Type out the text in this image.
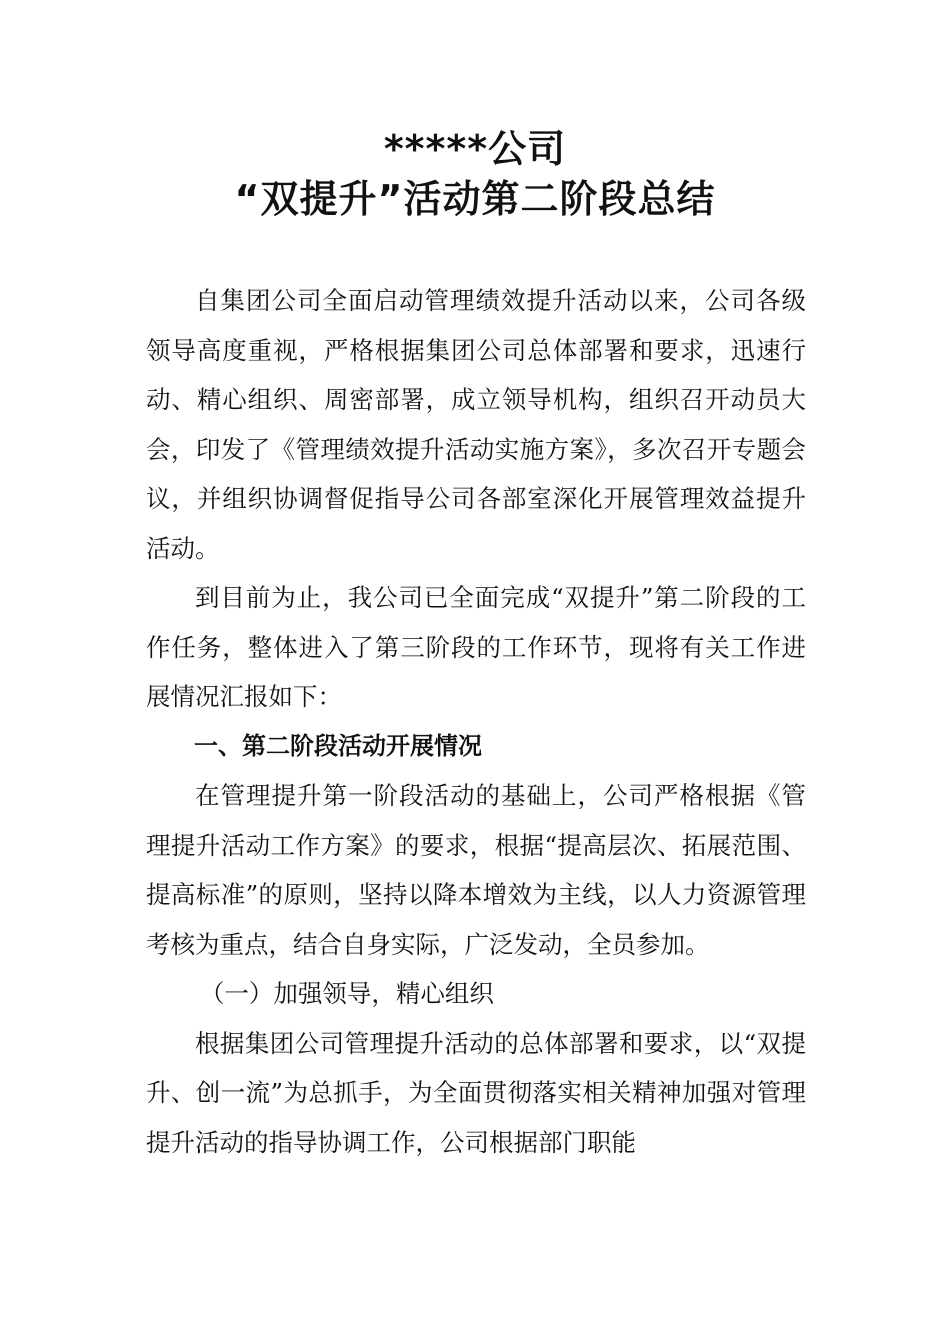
*****公司
“双提升”活动第二阶段总结

自集团公司全面启动管理绩效提升活动以来，公司各级领导高度重视，严格根据集团公司总体部署和要求，迅速行动、精心组织、周密部署，成立领导机构，组织召开动员大会，印发了《管理绩效提升活动实施方案》，多次召开专题会议，并组织协调督促指导公司各部室深化开展管理效益提升活动。

到目前为止，我公司已全面完成“双提升”第二阶段的工作任务，整体进入了第三阶段的工作环节，现将有关工作进展情况汇报如下：

一、第二阶段活动开展情况

在管理提升第一阶段活动的基础上，公司严格根据《管理提升活动工作方案》的要求，根据“提高层次、拓展范围、提高标准”的原则，坚持以降本增效为主线，以人力资源管理考核为重点，结合自身实际，广泛发动，全员参加。

（一）加强领导，精心组织

根据集团公司管理提升活动的总体部署和要求，以“双提升、创一流”为总抓手，为全面贯彻落实相关精神加强对管理提升活动的指导协调工作，公司根据部门职能
